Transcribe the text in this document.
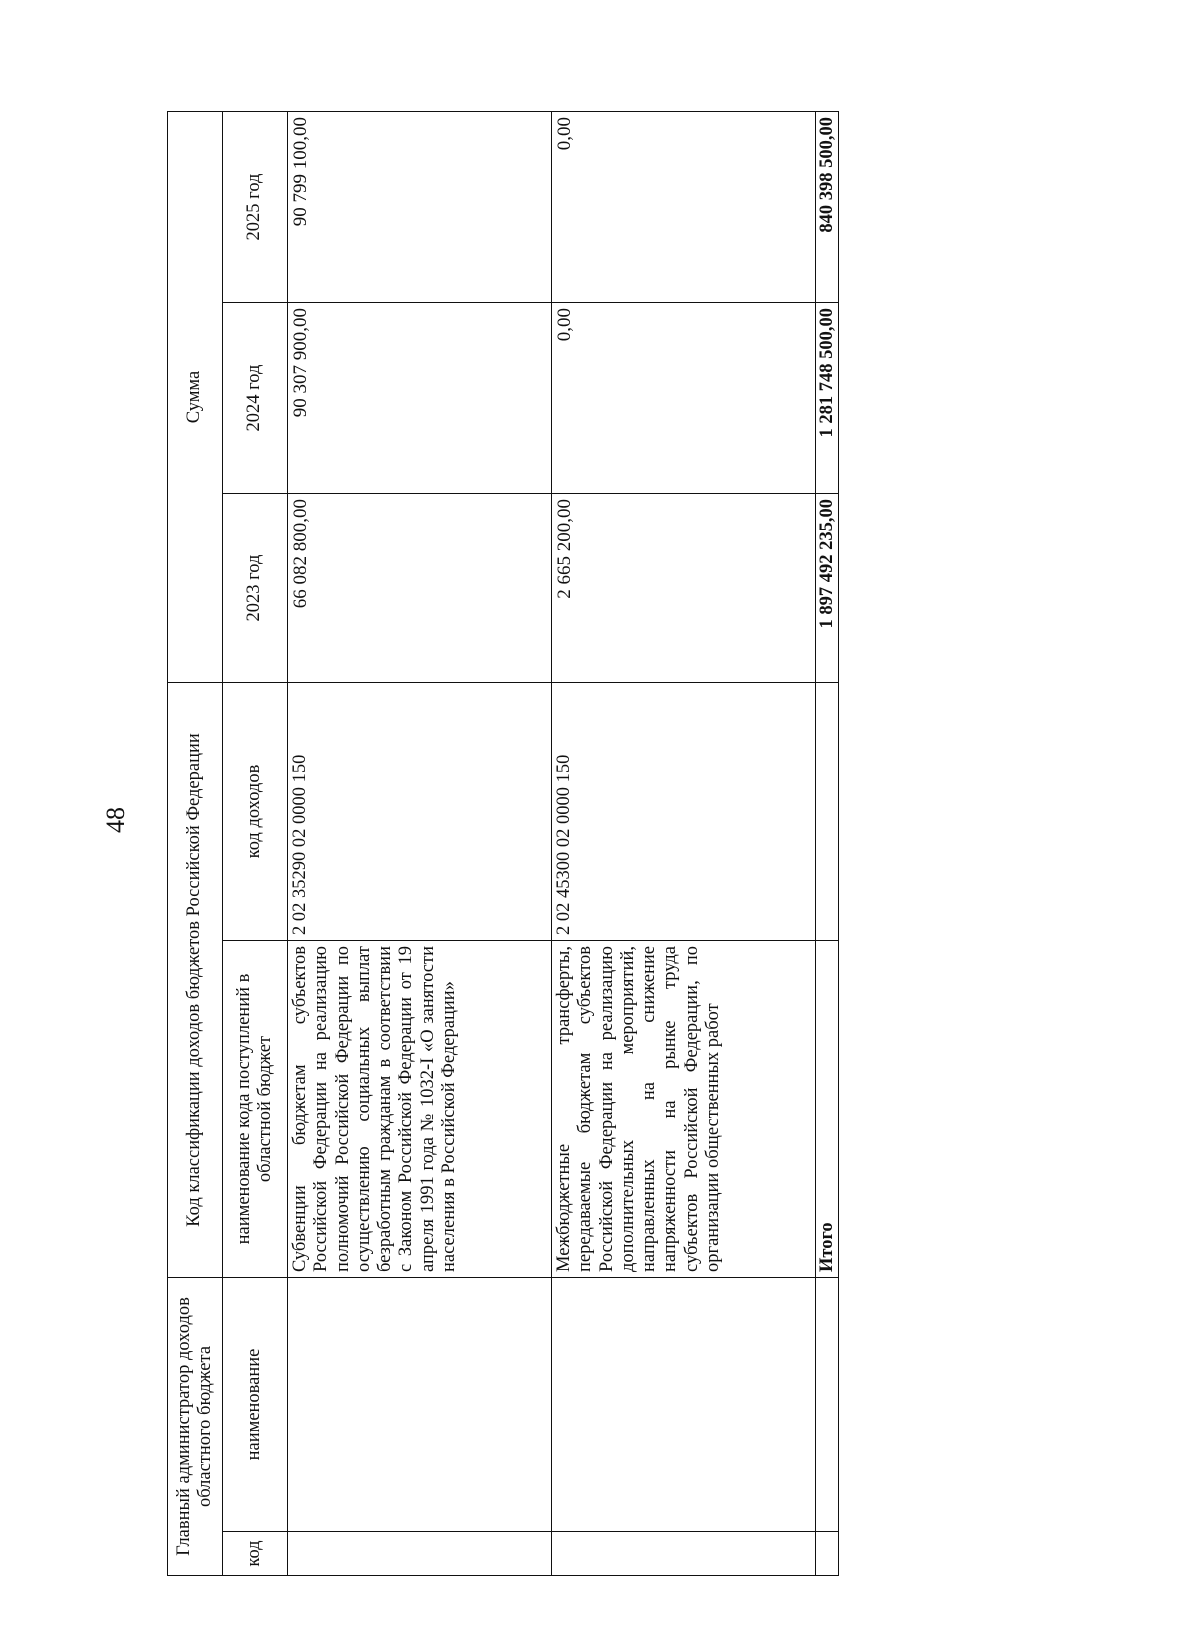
48
Главный администратор доходов областного бюджета		Код классификации доходов бюджетов Российской Федерации		Сумма		
код	наименование	наименование кода поступлений в областной бюджет	код доходов	2023 год	2024 год	2025 год
		Субвенции бюджетам субъектов Российской Федерации на реализацию полномочий Российской Федерации по осуществлению социальных выплат безработным гражданам в соответствии с Законом Российской Федерации от 19 апреля 1991 года № 1032-I «О занятости населения в Российской Федерации»	2 02 35290 02 0000 150	66 082 800,00	90 307 900,00	90 799 100,00
		Межбюджетные трансферты, передаваемые бюджетам субъектов Российской Федерации на реализацию дополнительных мероприятий, направленных на снижение напряженности на рынке труда субъектов Российской Федерации, по организации общественных работ	2 02 45300 02 0000 150	2 665 200,00	0,00	0,00
		Итого		1 897 492 235,00	1 281 748 500,00	840 398 500,00
